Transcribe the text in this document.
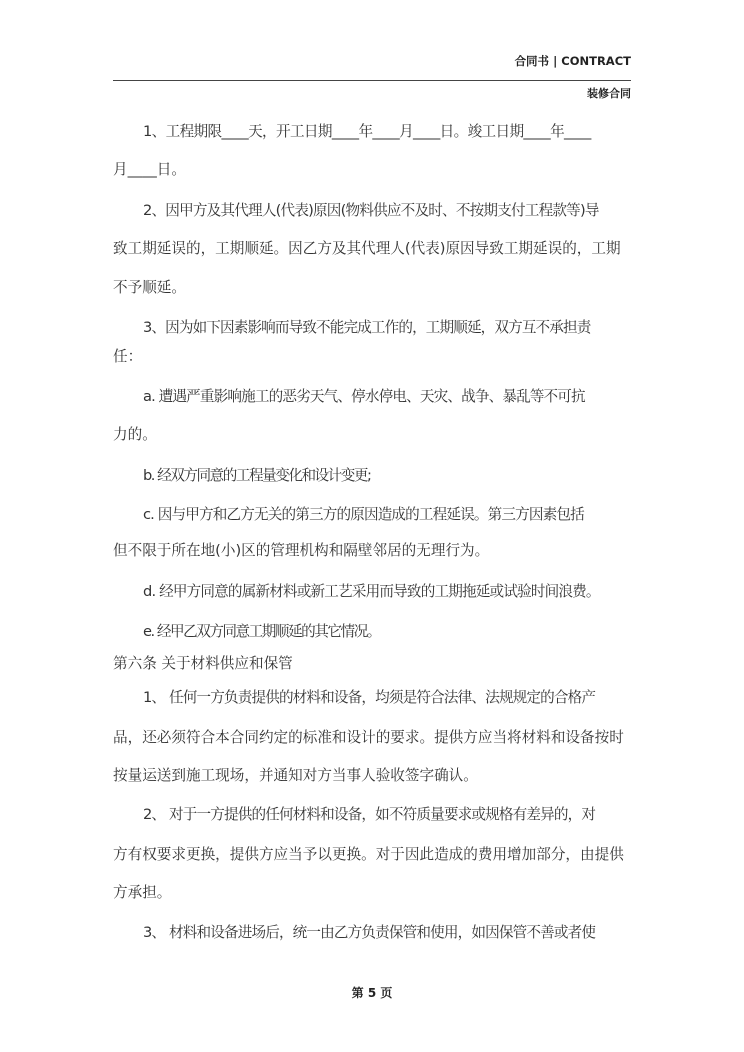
合同书 | CONTRACT
装修合同
1、工程期限____天，开工日期____年____月____日。竣工日期____年____
月____日。
2、因甲方及其代理人(代表)原因(物料供应不及时、不按期支付工程款等)导
致工期延误的，工期顺延。因乙方及其代理人(代表)原因导致工期延误的，工期
不予顺延。
3、因为如下因素影响而导致不能完成工作的，工期顺延，双方互不承担责
任：
a. 遭遇严重影响施工的恶劣天气、停水停电、天灾、战争、暴乱等不可抗
力的。
b. 经双方同意的工程量变化和设计变更;
c. 因与甲方和乙方无关的第三方的原因造成的工程延误。第三方因素包括
但不限于所在地(小)区的管理机构和隔壁邻居的无理行为。
d. 经甲方同意的属新材料或新工艺采用而导致的工期拖延或试验时间浪费。
e. 经甲乙双方同意工期顺延的其它情况。
第六条 关于材料供应和保管
1、 任何一方负责提供的材料和设备，均须是符合法律、法规规定的合格产
品，还必须符合本合同约定的标准和设计的要求。提供方应当将材料和设备按时
按量运送到施工现场，并通知对方当事人验收签字确认。
2、 对于一方提供的任何材料和设备，如不符质量要求或规格有差异的，对
方有权要求更换，提供方应当予以更换。对于因此造成的费用增加部分，由提供
方承担。
3、 材料和设备进场后，统一由乙方负责保管和使用，如因保管不善或者使
第 5 页
